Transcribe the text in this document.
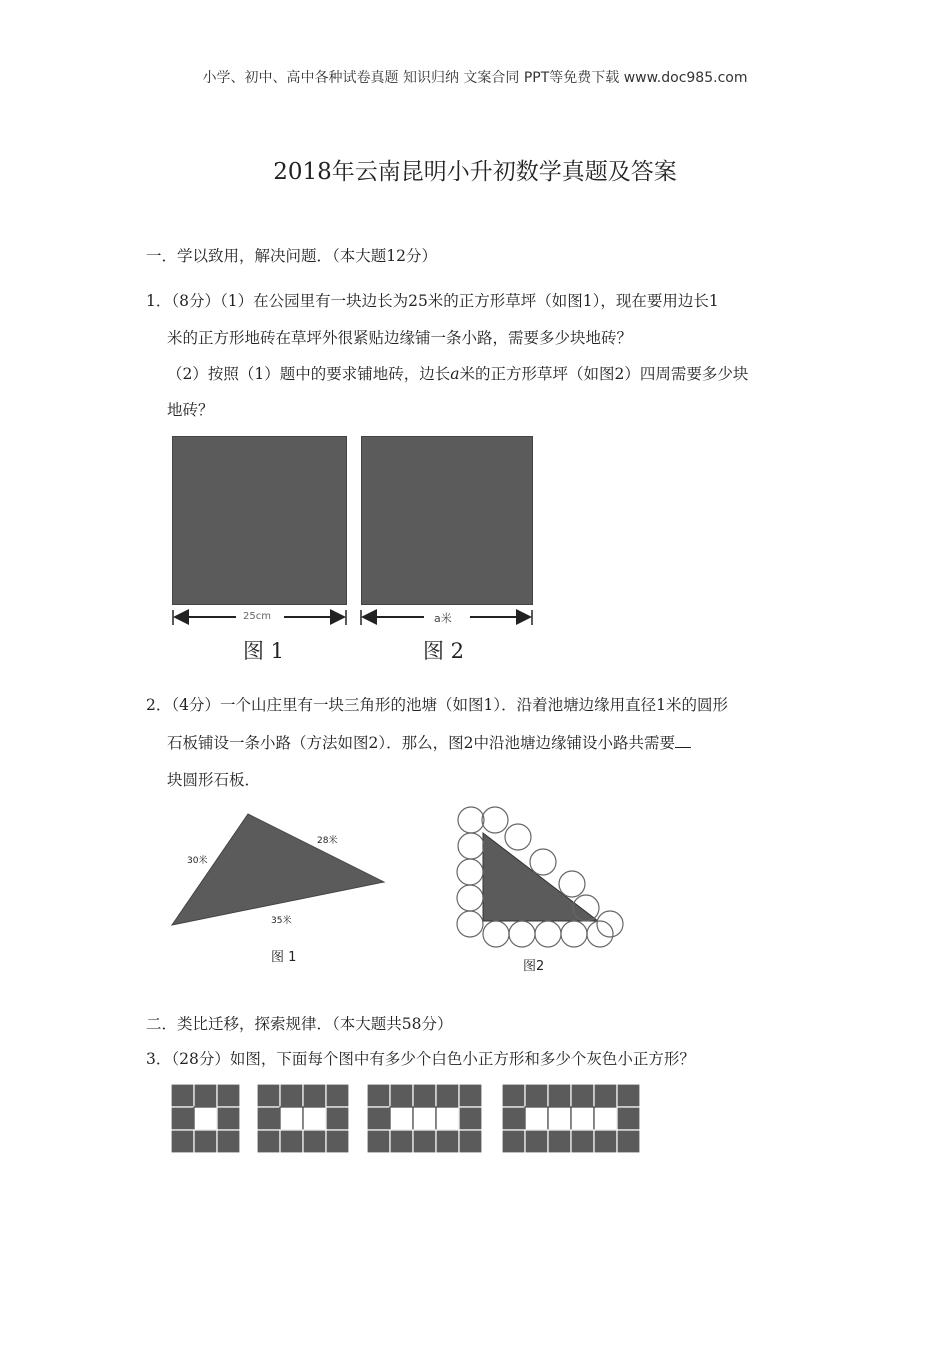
小学、初中、高中各种试卷真题 知识归纳 文案合同 PPT等免费下载 www.doc985.com
2018年云南昆明小升初数学真题及答案
一．学以致用，解决问题．（本大题12分）
1．（8分）（1）在公园里有一块边长为25米的正方形草坪（如图1），现在要用边长1
米的正方形地砖在草坪外很紧贴边缘铺一条小路，需要多少块地砖？
（2）按照（1）题中的要求铺地砖，边长a米的正方形草坪（如图2）四周需要多少块
地砖？
25cm	a米
图 1	图 2
2．（4分）一个山庄里有一块三角形的池塘（如图1）．沿着池塘边缘用直径1米的圆形
石板铺设一条小路（方法如图2）．那么，图2中沿池塘边缘铺设小路共需要
块圆形石板．
30米
28米
35米
图 1
图2
二．类比迁移，探索规律．（本大题共58分）
3．（28分）如图，下面每个图中有多少个白色小正方形和多少个灰色小正方形？
